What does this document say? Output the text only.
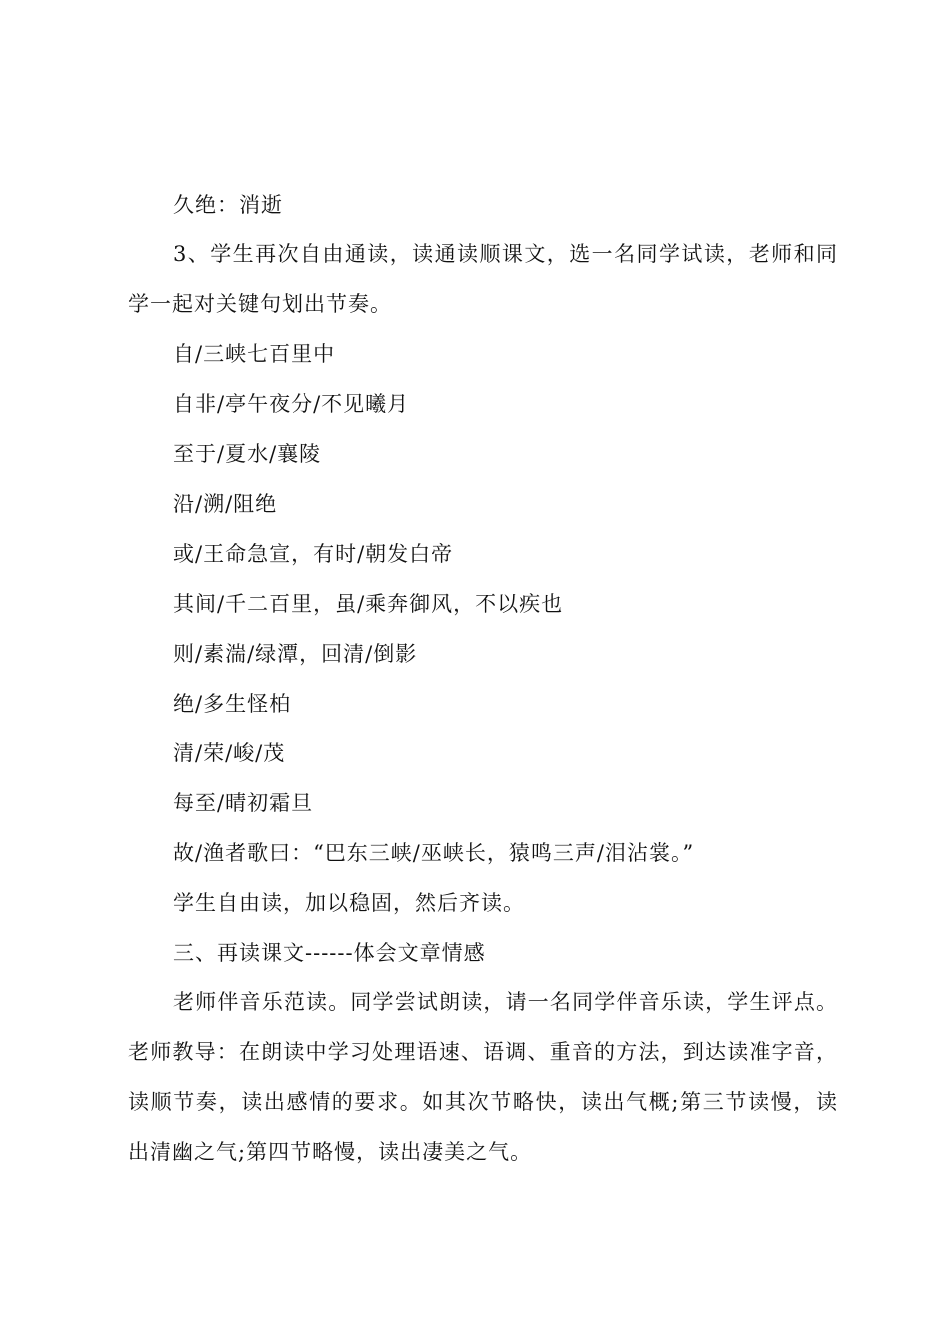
久绝：消逝

3、学生再次自由通读，读通读顺课文，选一名同学试读，老师和同学一起对关键句划出节奏。

自/三峡七百里中
自非/亭午夜分/不见曦月
至于/夏水/襄陵
沿/溯/阻绝
或/王命急宣，有时/朝发白帝
其间/千二百里，虽/乘奔御风，不以疾也
则/素湍/绿潭，回清/倒影
绝/多生怪柏
清/荣/峻/茂
每至/晴初霜旦
故/渔者歌曰：“巴东三峡/巫峡长，猿鸣三声/泪沾裳。”
学生自由读，加以稳固，然后齐读。
三、再读课文------体会文章情感

老师伴音乐范读。同学尝试朗读，请一名同学伴音乐读，学生评点。老师教导：在朗读中学习处理语速、语调、重音的方法，到达读准字音，读顺节奏，读出感情的要求。如其次节略快，读出气概;第三节读慢，读出清幽之气;第四节略慢，读出凄美之气。
